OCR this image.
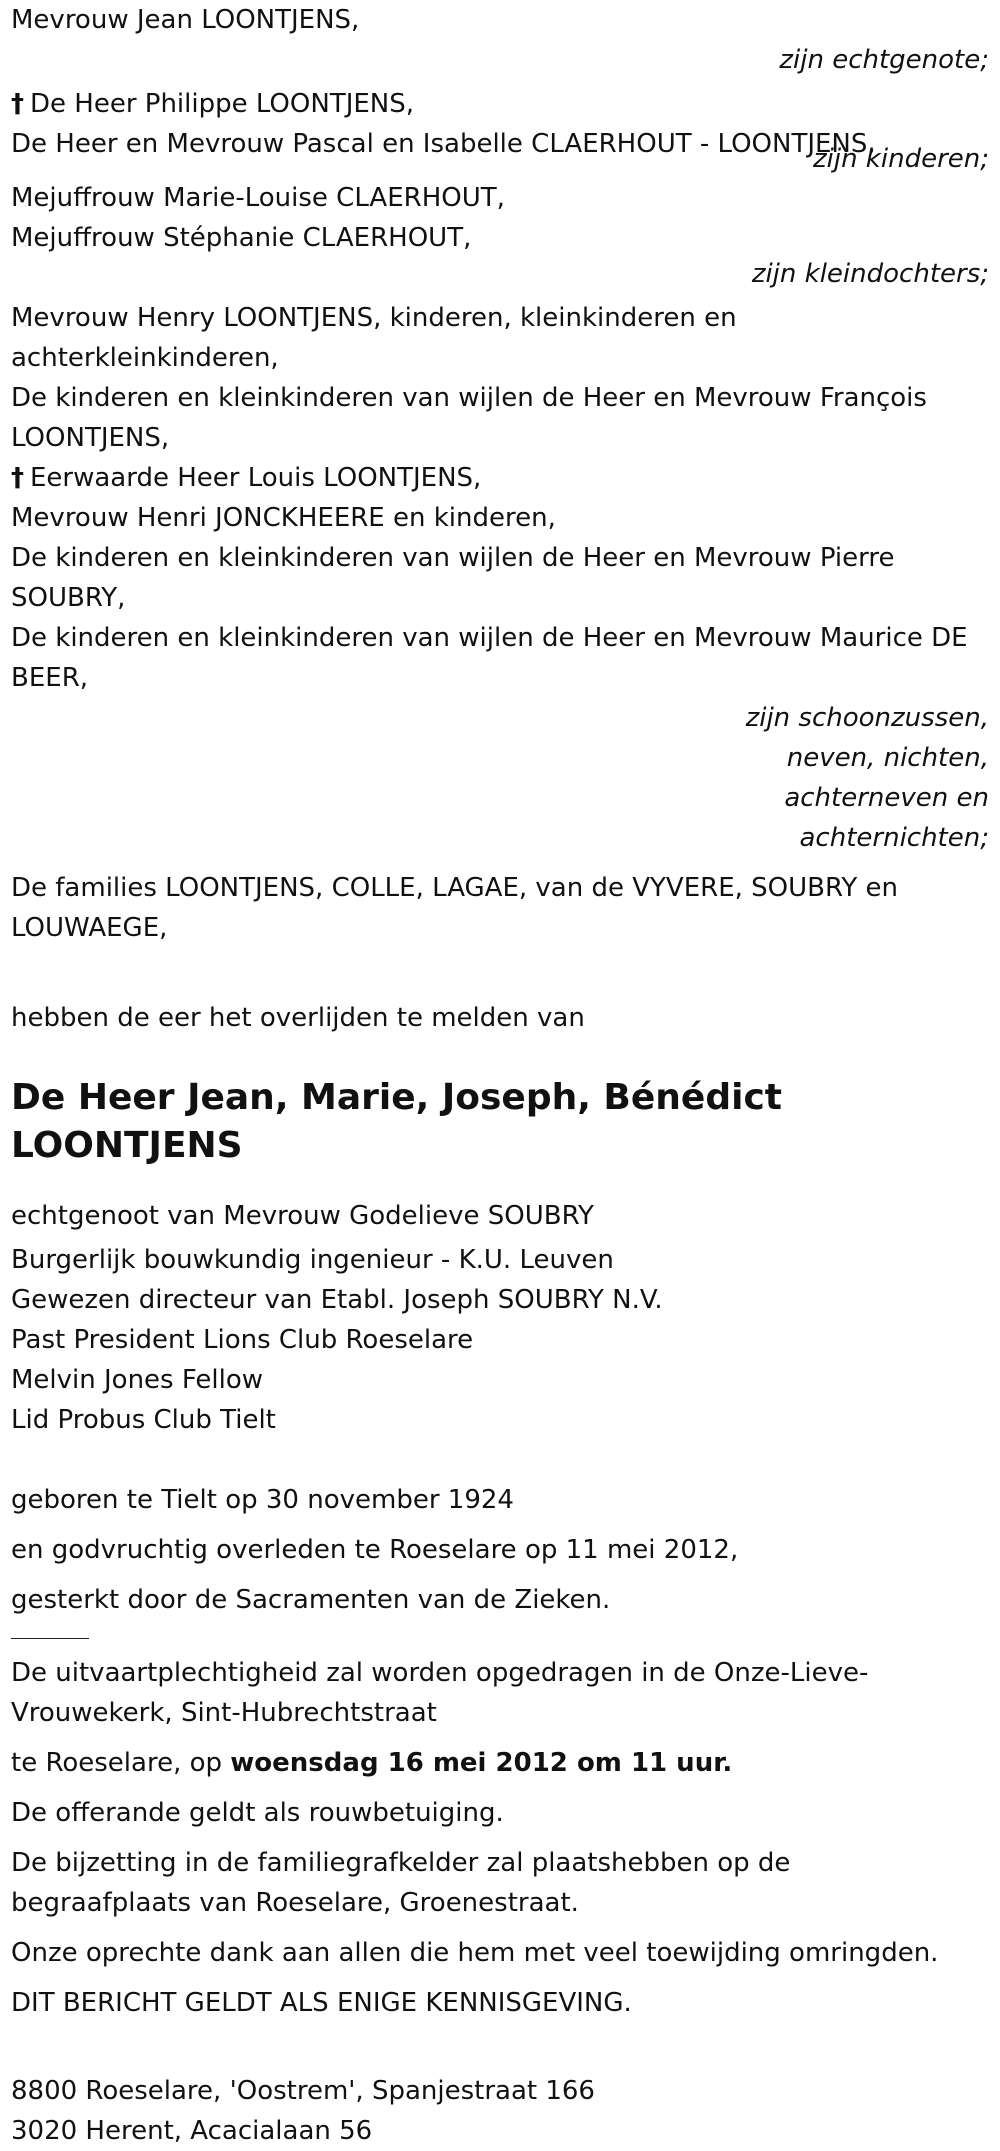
Mevrouw Jean LOONTJENS,

zijn echtgenote;

† De Heer Philippe LOONTJENS,

De Heer en Mevrouw Pascal en Isabelle CLAERHOUT - LOONTJENS,

zijn kinderen;

Mejuffrouw Marie-Louise CLAERHOUT,

Mejuffrouw Stéphanie CLAERHOUT,

zijn kleindochters;

Mevrouw Henry LOONTJENS, kinderen, kleinkinderen en

achterkleinkinderen,

De kinderen en kleinkinderen van wijlen de Heer en Mevrouw François

LOONTJENS,

† Eerwaarde Heer Louis LOONTJENS,

Mevrouw Henri JONCKHEERE en kinderen,

De kinderen en kleinkinderen van wijlen de Heer en Mevrouw Pierre

SOUBRY,

De kinderen en kleinkinderen van wijlen de Heer en Mevrouw Maurice DE

BEER,

zijn schoonzussen,

neven, nichten,

achterneven en

achternichten;

De families LOONTJENS, COLLE, LAGAE, van de VYVERE, SOUBRY en

LOUWAEGE,

hebben de eer het overlijden te melden van

De Heer Jean, Marie, Joseph, Bénédict LOONTJENS

echtgenoot van Mevrouw Godelieve SOUBRY

Burgerlijk bouwkundig ingenieur - K.U. Leuven

Gewezen directeur van Etabl. Joseph SOUBRY N.V.

Past President Lions Club Roeselare

Melvin Jones Fellow

Lid Probus Club Tielt

geboren te Tielt op 30 november 1924

en godvruchtig overleden te Roeselare op 11 mei 2012,

gesterkt door de Sacramenten van de Zieken.

De uitvaartplechtigheid zal worden opgedragen in de Onze-Lieve-Vrouwekerk, Sint-Hubrechtstraat

te Roeselare, op woensdag 16 mei 2012 om 11 uur.

De offerande geldt als rouwbetuiging.

De bijzetting in de familiegrafkelder zal plaatshebben op de begraafplaats van Roeselare, Groenestraat.

Onze oprechte dank aan allen die hem met veel toewijding omringden.

DIT BERICHT GELDT ALS ENIGE KENNISGEVING.

8800 Roeselare, 'Oostrem', Spanjestraat 166

3020 Herent, Acacialaan 56
